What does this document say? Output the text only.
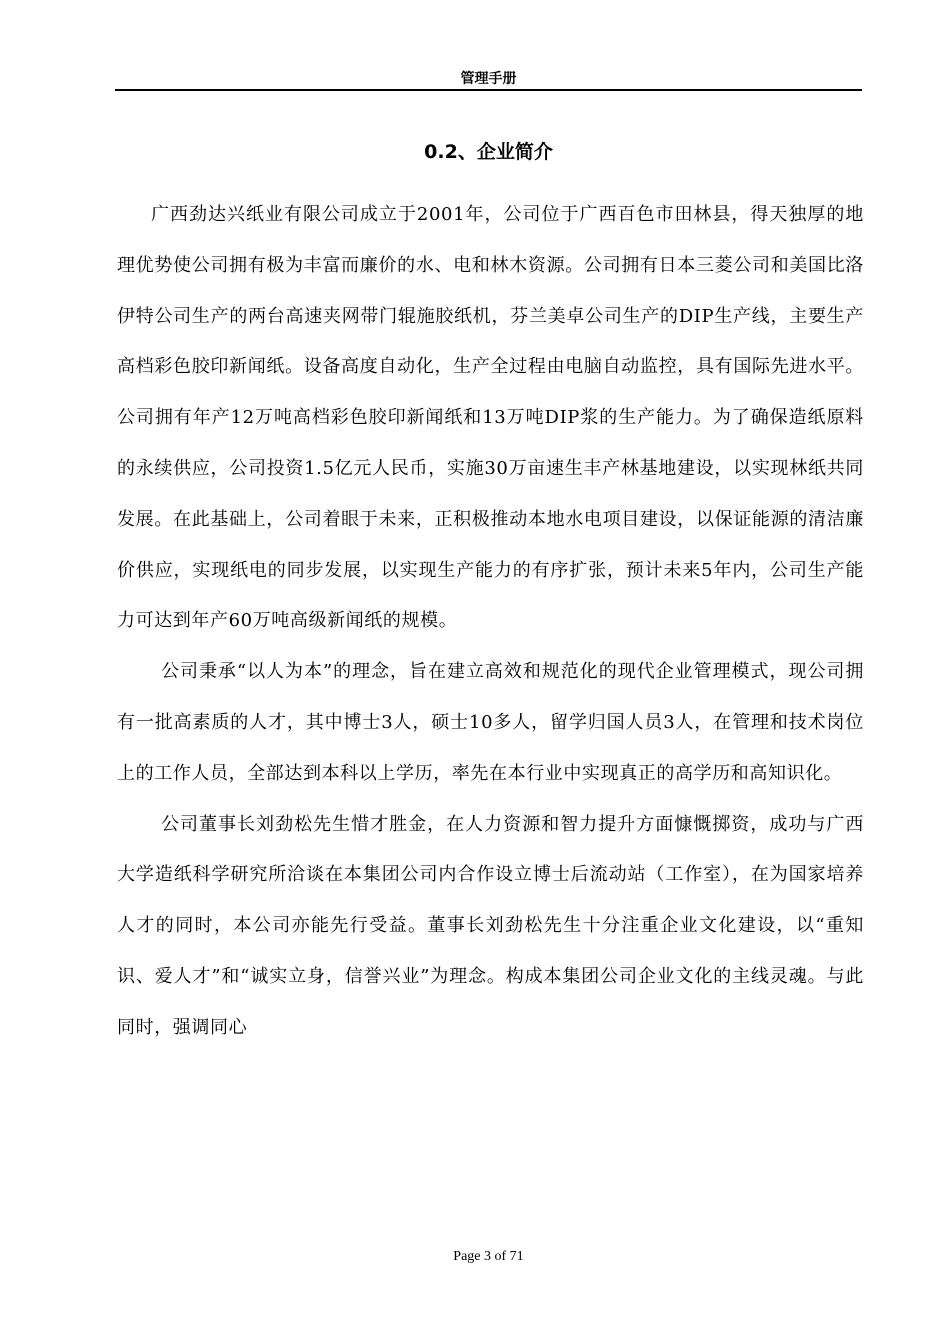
管理手册
0.2、企业简介

广西劲达兴纸业有限公司成立于2001年，公司位于广西百色市田林县，得天独厚的地理优势使公司拥有极为丰富而廉价的水、电和林木资源。公司拥有日本三菱公司和美国比洛伊特公司生产的两台高速夹网带门辊施胶纸机，芬兰美卓公司生产的DIP生产线，主要生产高档彩色胶印新闻纸。设备高度自动化，生产全过程由电脑自动监控，具有国际先进水平。公司拥有年产12万吨高档彩色胶印新闻纸和13万吨DIP浆的生产能力。为了确保造纸原料的永续供应，公司投资1.5亿元人民币，实施30万亩速生丰产林基地建设，以实现林纸共同发展。在此基础上，公司着眼于未来，正积极推动本地水电项目建设，以保证能源的清洁廉价供应，实现纸电的同步发展，以实现生产能力的有序扩张，预计未来5年内，公司生产能力可达到年产60万吨高级新闻纸的规模。

公司秉承“以人为本”的理念，旨在建立高效和规范化的现代企业管理模式，现公司拥有一批高素质的人才，其中博士3人，硕士10多人，留学归国人员3人，在管理和技术岗位上的工作人员，全部达到本科以上学历，率先在本行业中实现真正的高学历和高知识化。

公司董事长刘劲松先生惜才胜金，在人力资源和智力提升方面慷慨掷资，成功与广西大学造纸科学研究所洽谈在本集团公司内合作设立博士后流动站（工作室），在为国家培养人才的同时，本公司亦能先行受益。董事长刘劲松先生十分注重企业文化建设，以“重知识、爱人才”和“诚实立身，信誉兴业”为理念。构成本集团公司企业文化的主线灵魂。与此同时，强调同心

Page 3 of 71
